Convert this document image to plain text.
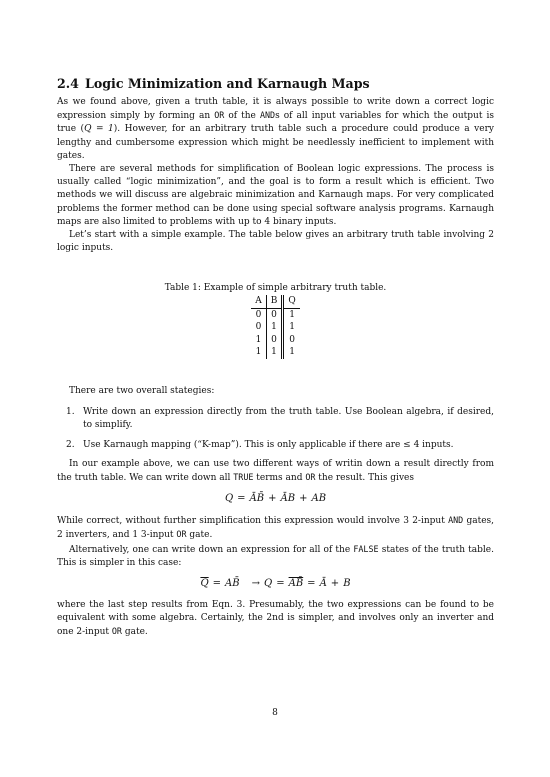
2.4 Logic Minimization and Karnaugh Maps

As we found above, given a truth table, it is always possible to write down a correct logic expression simply by forming an OR of the ANDs of all input variables for which the output is true (Q = 1). However, for an arbitrary truth table such a procedure could produce a very lengthy and cumbersome expression which might be needlessly inefficient to implement with gates.

There are several methods for simplification of Boolean logic expressions. The process is usually called “logic minimization”, and the goal is to form a result which is efficient. Two methods we will discuss are algebraic minimization and Karnaugh maps. For very complicated problems the former method can be done using special software analysis programs. Karnaugh maps are also limited to problems with up to 4 binary inputs.

Let’s start with a simple example. The table below gives an arbitrary truth table involving 2 logic inputs.

Table 1: Example of simple arbitrary truth table.
A	B	Q
0	0	1
0	1	1
1	0	0
1	1	1

There are two overall stategies:

1. Write down an expression directly from the truth table. Use Boolean algebra, if desired, to simplify.
2. Use Karnaugh mapping (“K-map”). This is only applicable if there are ≤ 4 inputs.

In our example above, we can use two different ways of writin down a result directly from the truth table. We can write down all TRUE terms and OR the result. This gives

Q = ĀB̄ + ĀB + AB

While correct, without further simplification this expression would involve 3 2-input AND gates, 2 inverters, and 1 3-input OR gate.

Alternatively, one can write down an expression for all of the FALSE states of the truth table. This is simpler in this case:

$\overline{Q}$ = AB̄ → Q = AB̄ = Ā + B

where the last step results from Eqn. 3. Presumably, the two expressions can be found to be equivalent with some algebra. Certainly, the 2nd is simpler, and involves only an inverter and one 2-input OR gate.

8
